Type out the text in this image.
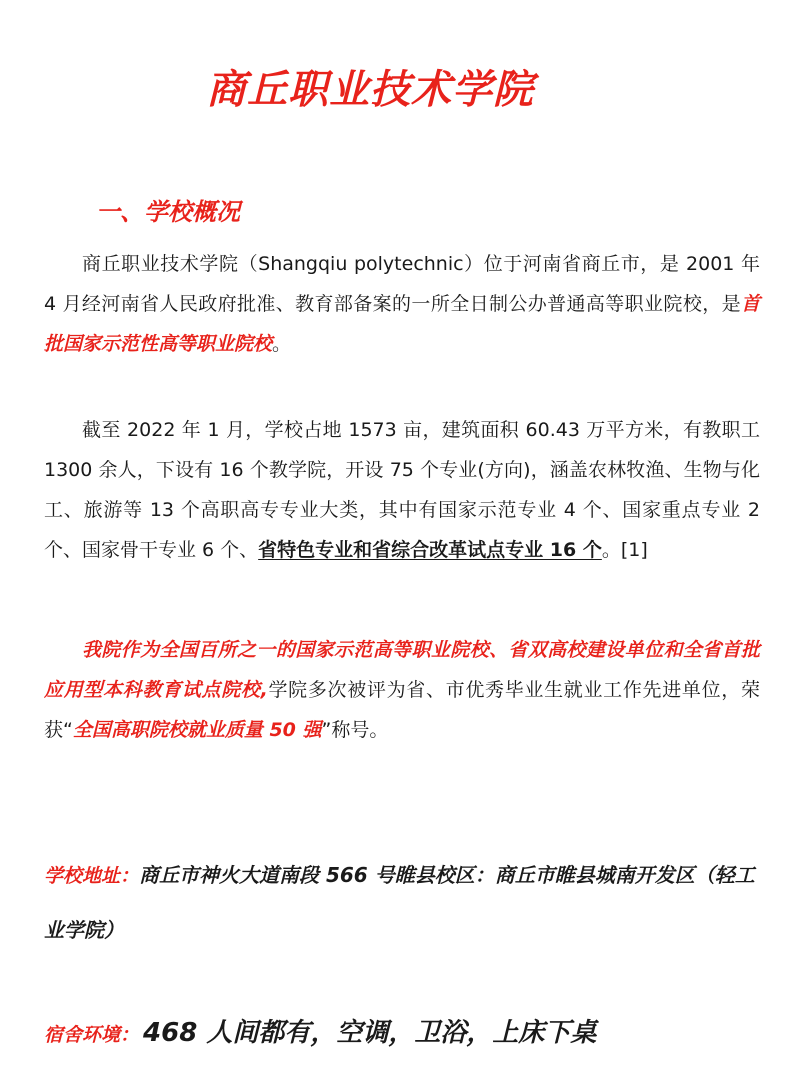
商丘职业技术学院
一、学校概况

商丘职业技术学院（Shangqiu polytechnic）位于河南省商丘市，是 2001 年 4 月经河南省人民政府批准、教育部备案的一所全日制公办普通高等职业院校，是首批国家示范性高等职业院校。

截至 2022 年 1 月，学校占地 1573 亩，建筑面积 60.43 万平方米，有教职工 1300 余人，下设有 16 个教学院，开设 75 个专业(方向)，涵盖农林牧渔、生物与化工、旅游等 13 个高职高专专业大类，其中有国家示范专业 4 个、国家重点专业 2 个、国家骨干专业 6 个、省特色专业和省综合改革试点专业 16 个。[1]

我院作为全国百所之一的国家示范高等职业院校、省双高校建设单位和全省首批应用型本科教育试点院校,学院多次被评为省、市优秀毕业生就业工作先进单位，荣获“全国高职院校就业质量 50 强”称号。

学校地址：商丘市神火大道南段 566 号睢县校区：商丘市睢县城南开发区（轻工业学院）

宿舍环境： 468 人间都有，空调，卫浴，上床下桌
